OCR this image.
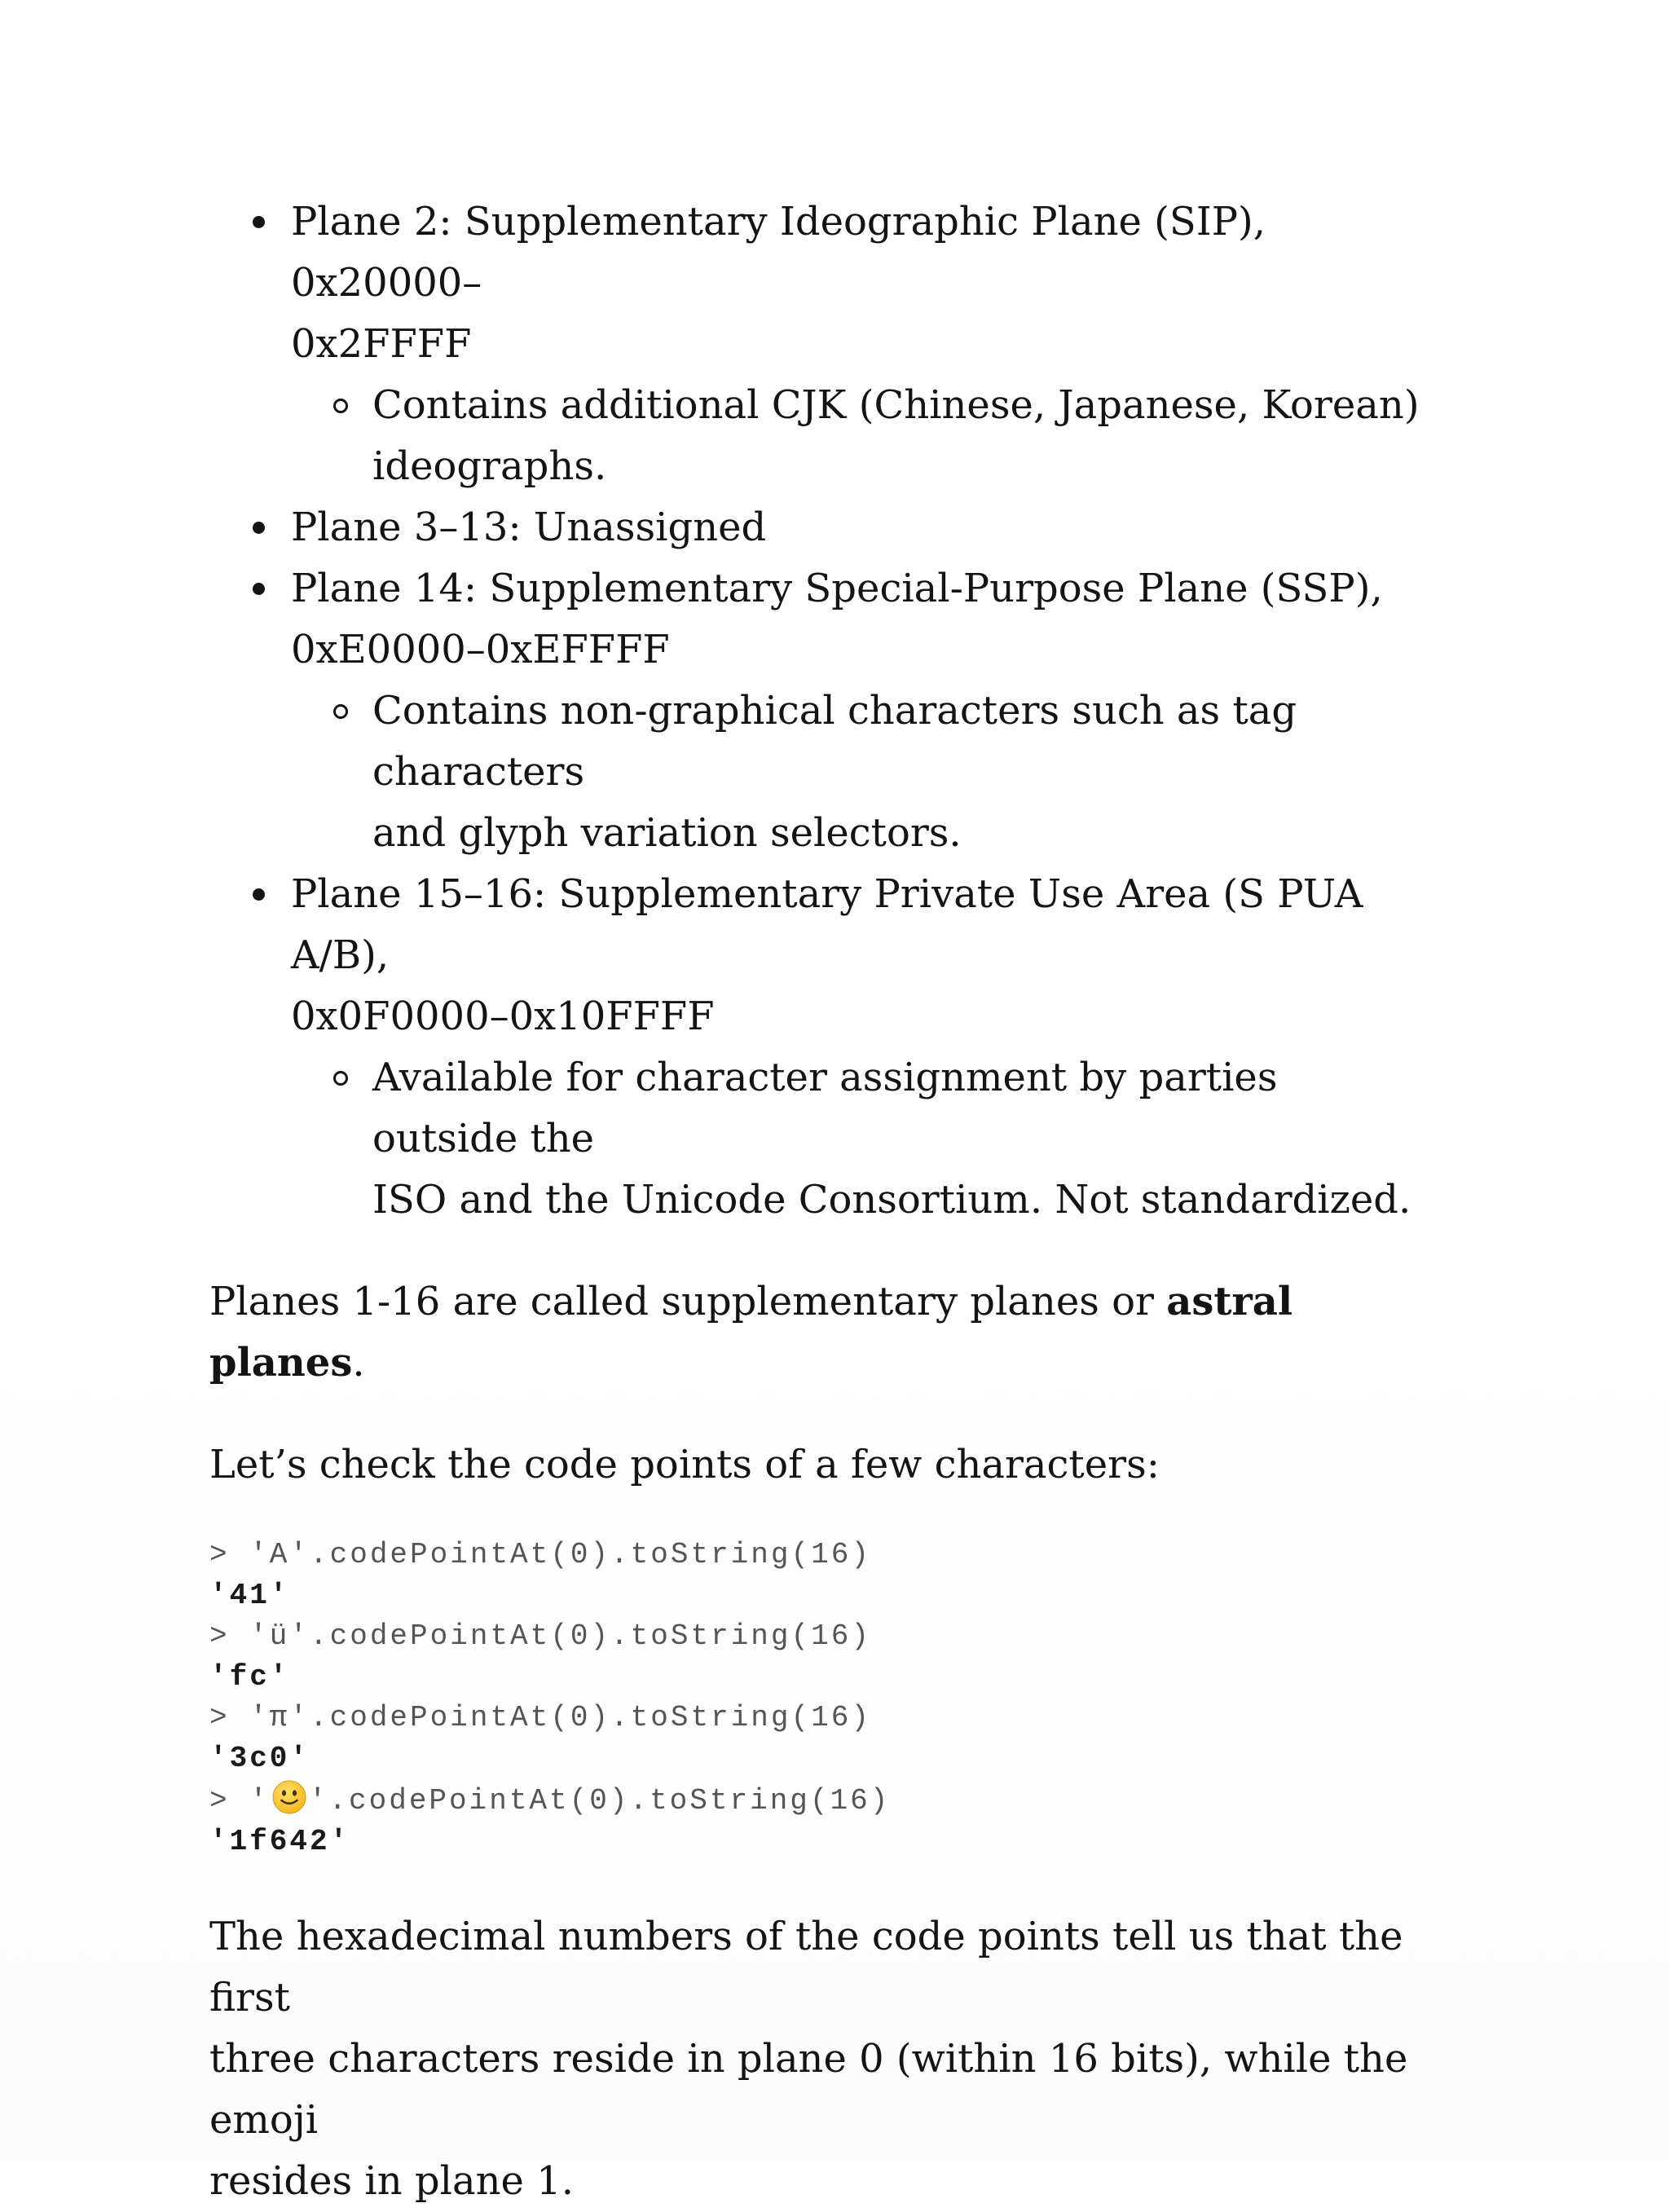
Plane 2: Supplementary Ideographic Plane (SIP), 0x20000–
0x2FFFF
Contains additional CJK (Chinese, Japanese, Korean)
ideographs.
Plane 3–13: Unassigned
Plane 14: Supplementary Special-Purpose Plane (SSP),
0xE0000–0xEFFFF
Contains non-graphical characters such as tag characters
and glyph variation selectors.
Plane 15–16: Supplementary Private Use Area (S PUA A/B),
0x0F0000–0x10FFFF
Available for character assignment by parties outside the
ISO and the Unicode Consortium. Not standardized.

Planes 1-16 are called supplementary planes or astral planes.

Let’s check the code points of a few characters:

> 'A'.codePointAt(0).toString(16)
'41'
> 'ü'.codePointAt(0).toString(16)
'fc'
> 'π'.codePointAt(0).toString(16)
'3c0'
> ' '.codePointAt(0).toString(16)
'1f642'

The hexadecimal numbers of the code points tell us that the first
three characters reside in plane 0 (within 16 bits), while the emoji
resides in plane 1.
